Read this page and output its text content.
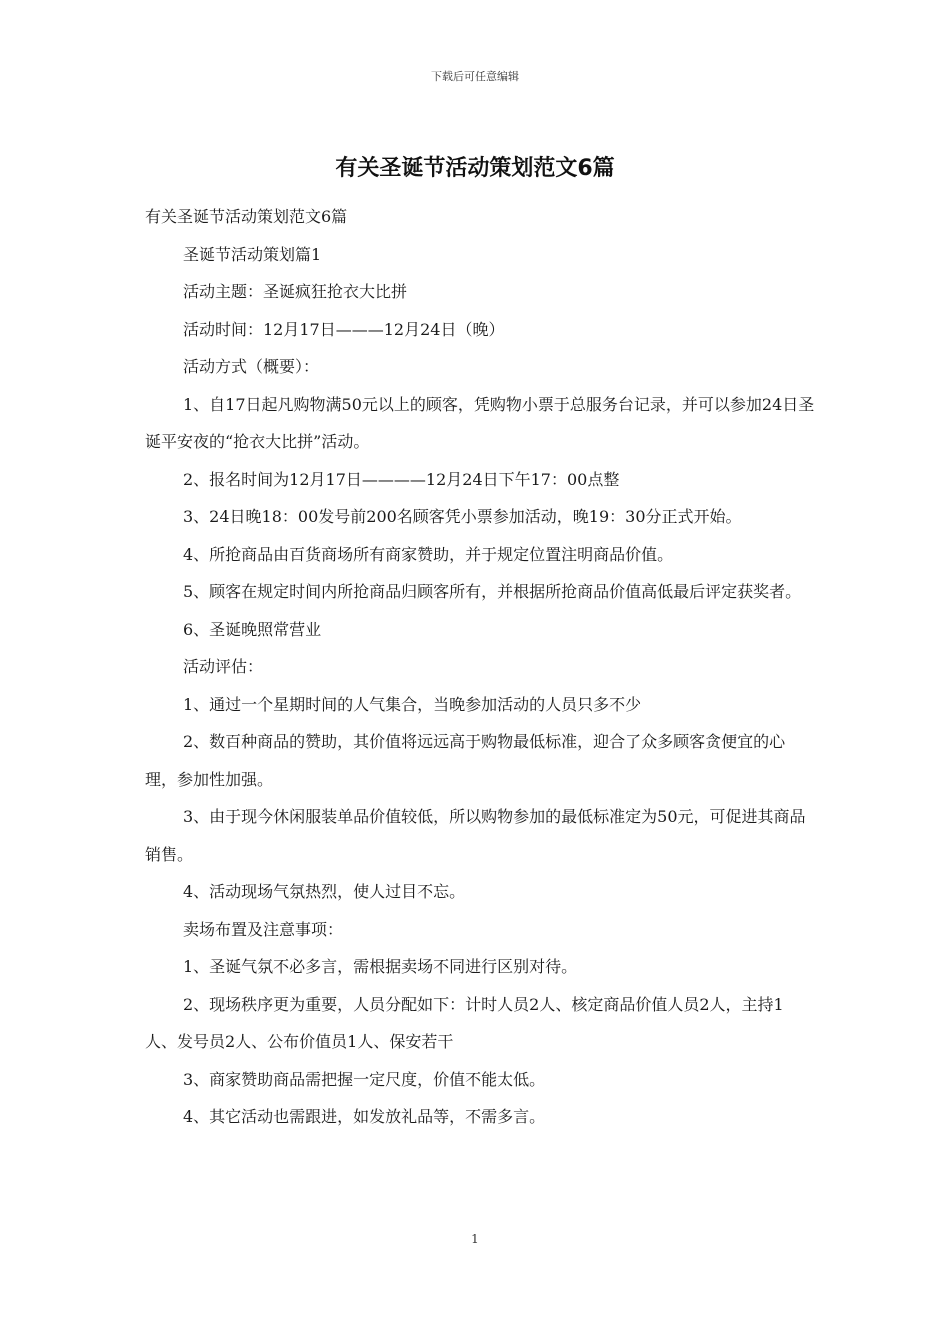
下载后可任意编辑
有关圣诞节活动策划范文6篇

有关圣诞节活动策划范文6篇

圣诞节活动策划篇1

活动主题：圣诞疯狂抢衣大比拼

活动时间：12月17日———12月24日（晚）

活动方式（概要）：

1、自17日起凡购物满50元以上的顾客，凭购物小票于总服务台记录，并可以参加24日圣诞平安夜的“抢衣大比拼”活动。

2、报名时间为12月17日————12月24日下午17：00点整

3、24日晚18：00发号前200名顾客凭小票参加活动，晚19：30分正式开始。

4、所抢商品由百货商场所有商家赞助，并于规定位置注明商品价值。

5、顾客在规定时间内所抢商品归顾客所有，并根据所抢商品价值高低最后评定获奖者。

6、圣诞晚照常营业

活动评估：

1、通过一个星期时间的人气集合，当晚参加活动的人员只多不少

2、数百种商品的赞助，其价值将远远高于购物最低标准，迎合了众多顾客贪便宜的心理，参加性加强。

3、由于现今休闲服装单品价值较低，所以购物参加的最低标准定为50元，可促进其商品销售。

4、活动现场气氛热烈，使人过目不忘。

卖场布置及注意事项：

1、圣诞气氛不必多言，需根据卖场不同进行区别对待。

2、现场秩序更为重要，人员分配如下：计时人员2人、核定商品价值人员2人，主持1人、发号员2人、公布价值员1人、保安若干

3、商家赞助商品需把握一定尺度，价值不能太低。

4、其它活动也需跟进，如发放礼品等，不需多言。

1
